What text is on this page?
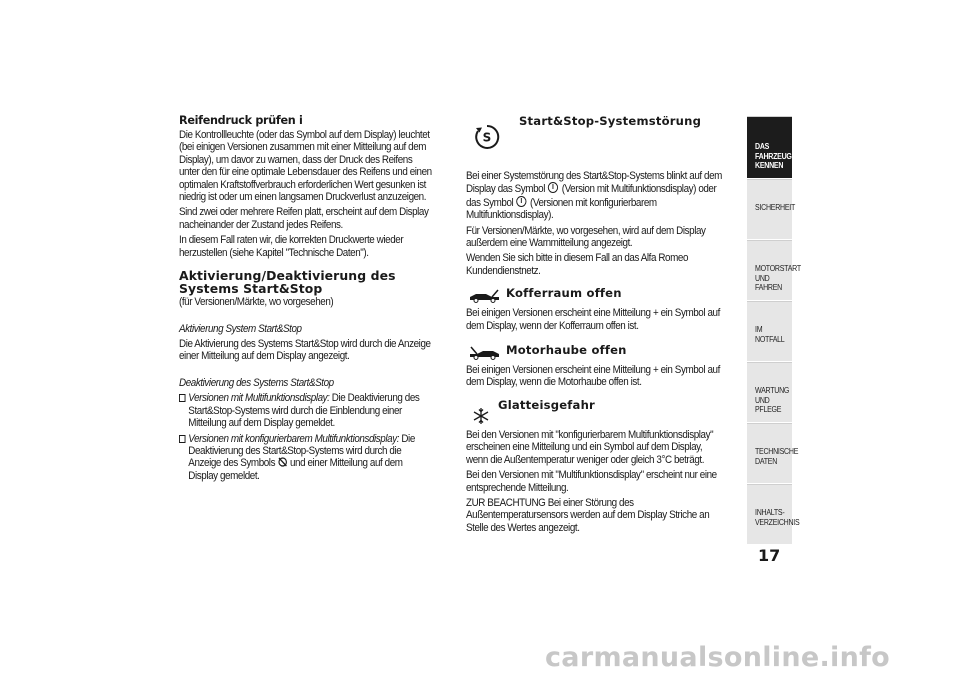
Reifendruck prüfen i

Die Kontrollleuchte (oder das Symbol auf dem Display) leuchtet (bei einigen Versionen zusammen mit einer Mitteilung auf dem Display), um davor zu warnen, dass der Druck des Reifens unter den für eine optimale Lebensdauer des Reifens und einen optimalen Kraftstoffverbrauch erforderlichen Wert gesunken ist niedrig ist oder um einen langsamen Druckverlust anzuzeigen.

Sind zwei oder mehrere Reifen platt, erscheint auf dem Display nacheinander der Zustand jedes Reifens.

In diesem Fall raten wir, die korrekten Druckwerte wieder herzustellen (siehe Kapitel "Technische Daten").

Aktivierung/Deaktivierung des Systems Start&Stop

(für Versionen/Märkte, wo vorgesehen)

Aktivierung System Start&Stop

Die Aktivierung des Systems Start&Stop wird durch die Anzeige einer Mitteilung auf dem Display angezeigt.

Deaktivierung des Systems Start&Stop

Versionen mit Multifunktionsdisplay: Die Deaktivierung des Start&Stop-Systems wird durch die Einblendung einer Mitteilung auf dem Display gemeldet.

Versionen mit konfigurierbarem Multifunktionsdisplay: Die Deaktivierung des Start&Stop-Systems wird durch die Anzeige des Symbols  und einer Mitteilung auf dem Display gemeldet.

S
Start&Stop-Systemstörung

Bei einer Systemstörung des Start&Stop-Systems blinkt auf dem Display das Symbol  (Version mit Multifunktionsdisplay) oder das Symbol  (Versionen mit konfigurierbarem Multifunktionsdisplay).

Für Versionen/Märkte, wo vorgesehen, wird auf dem Display außerdem eine Warnmitteilung angezeigt.

Wenden Sie sich bitte in diesem Fall an das Alfa Romeo Kundendienstnetz.

Kofferraum offen

Bei einigen Versionen erscheint eine Mitteilung + ein Symbol auf dem Display, wenn der Kofferraum offen ist.

Motorhaube offen

Bei einigen Versionen erscheint eine Mitteilung + ein Symbol auf dem Display, wenn die Motorhaube offen ist.

Glatteisgefahr

Bei den Versionen mit "konfigurierbarem Multifunktionsdisplay" erscheinen eine Mitteilung und ein Symbol auf dem Display, wenn die Außentemperatur weniger oder gleich 3°C beträgt.

Bei den Versionen mit "Multifunktionsdisplay" erscheint nur eine entsprechende Mitteilung.

ZUR BEACHTUNG Bei einer Störung des Außentemperatursensors werden auf dem Display Striche an Stelle des Wertes angezeigt.

DAS FAHRZEUG
KENNEN
SICHERHEIT
MOTORSTART UND
FAHREN
IM NOTFALL
WARTUNG UND
PFLEGE
TECHNISCHE DATEN
INHALTS-
VERZEICHNIS
17
carmanualsonline.info
